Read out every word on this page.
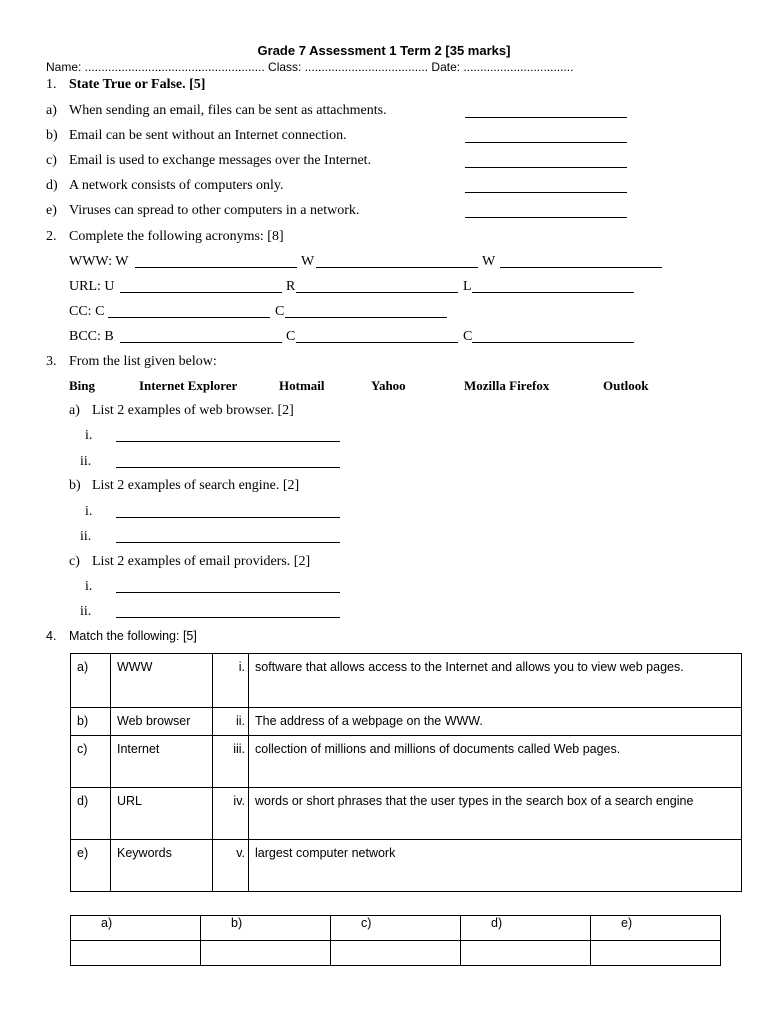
Grade 7 Assessment 1 Term 2 [35 marks]
Name: ...................................................... Class: ..................................... Date: .................................
1. State True or False. [5]
a) When sending an email, files can be sent as attachments.
b) Email can be sent without an Internet connection.
c) Email is used to exchange messages over the Internet.
d) A network consists of computers only.
e) Viruses can spread to other computers in a network.
2. Complete the following acronyms: [8]
WWW: W	W	W
URL: U	R	L
CC: C	C
BCC: B	C	C
3. From the list given below:
Bing	Internet Explorer	Hotmail	Yahoo	Mozilla Firefox	Outlook
a) List 2 examples of web browser. [2]
i.
ii.
b) List 2 examples of search engine. [2]
i.
ii.
c) List 2 examples of email providers. [2]
i.
ii.
4. Match the following: [5]
a)	WWW	i.	software that allows access to the Internet and allows you to view web pages.
b)	Web browser	ii.	The address of a webpage on the WWW.
c)	Internet	iii.	collection of millions and millions of documents called Web pages.
d)	URL	iv.	words or short phrases that the user types in the search box of a search engine
e)	Keywords	v.	largest computer network
a)	b)	c)	d)	e)
